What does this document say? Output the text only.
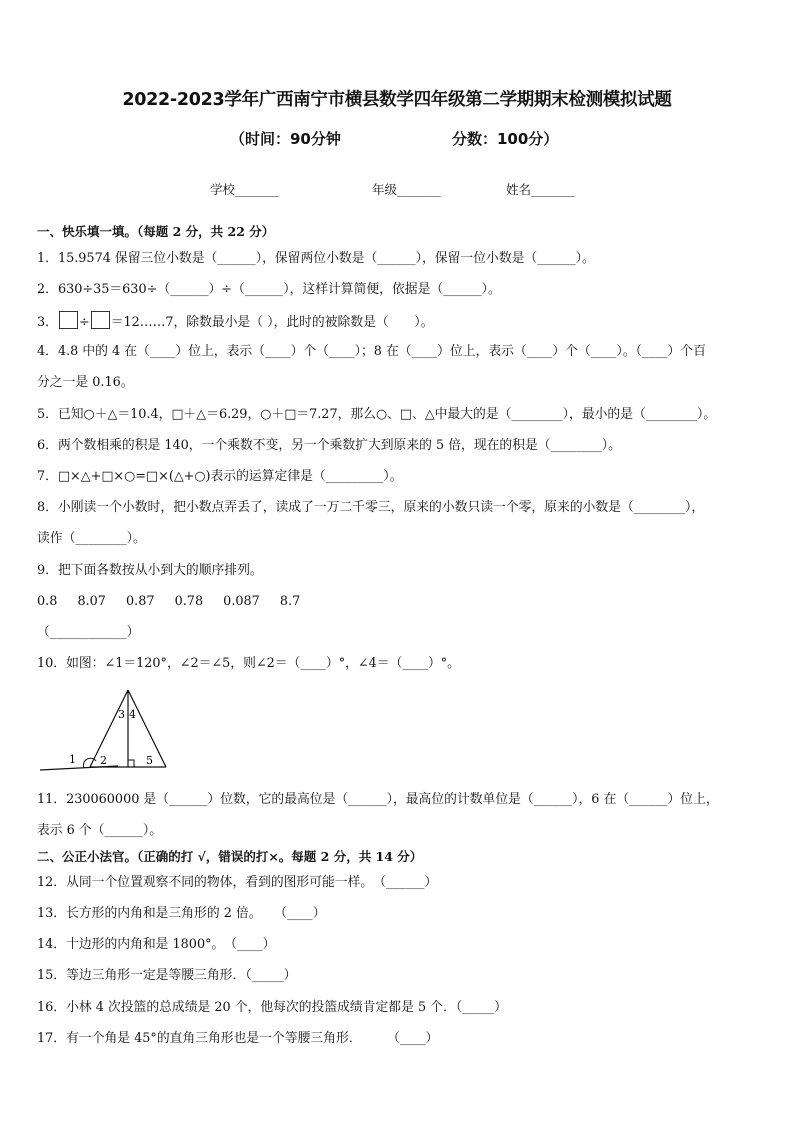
2022-2023学年广西南宁市横县数学四年级第二学期期末检测模拟试题
（时间：90分钟	分数：100分）
学校_______	年级_______	姓名_______
一、快乐填一填。（每题 2 分，共 22 分）
1．15.9574 保留三位小数是（______），保留两位小数是（______），保留一位小数是（______）。
2．630÷35＝630÷（______）÷（______），这样计算简便，依据是（______）。
3． ÷ ＝12……7，除数最小是（ ），此时的被除数是（　　）。
4．4.8 中的 4 在（____）位上，表示（____）个（____）；8 在（____）位上，表示（____）个（____）。（____）个百
分之一是 0.16。
5．已知○＋△＝10.4，□＋△＝6.29，○＋□＝7.27，那么○、□、△中最大的是（________），最小的是（________）。
6．两个数相乘的积是 140，一个乘数不变，另一个乘数扩大到原来的 5 倍，现在的积是（________）。
7．□×△+□×○=□×(△+○)表示的运算定律是（_________）。
8．小刚读一个小数时，把小数点弄丢了，读成了一万二千零三，原来的小数只读一个零，原来的小数是（________），
读作（________）。
9．把下面各数按从小到大的顺序排列。
0.8 8.07 0.87 0.78 0.087 8.7
（____________）
10．如图：∠1＝120°，∠2＝∠5，则∠2＝（____）°，∠4＝（____）°。
1 2
3 4
5
11．230060000 是（______）位数，它的最高位是（______），最高位的计数单位是（______），6 在（______）位上，
表示 6 个（______）。
二、公正小法官。（正确的打 √，错误的打×。每题 2 分，共 14 分）
12．从同一个位置观察不同的物体，看到的图形可能一样。　（______）
13．长方形的内角和是三角形的 2 倍。　　（____）
14．十边形的内角和是 1800°。　（____）
15．等边三角形一定是等腰三角形．（_____）
16．小林 4 次投篮的总成绩是 20 个，他每次的投篮成绩肯定都是 5 个．（_____）
17．有一个角是 45°的直角三角形也是一个等腰三角形．　　　（____）
